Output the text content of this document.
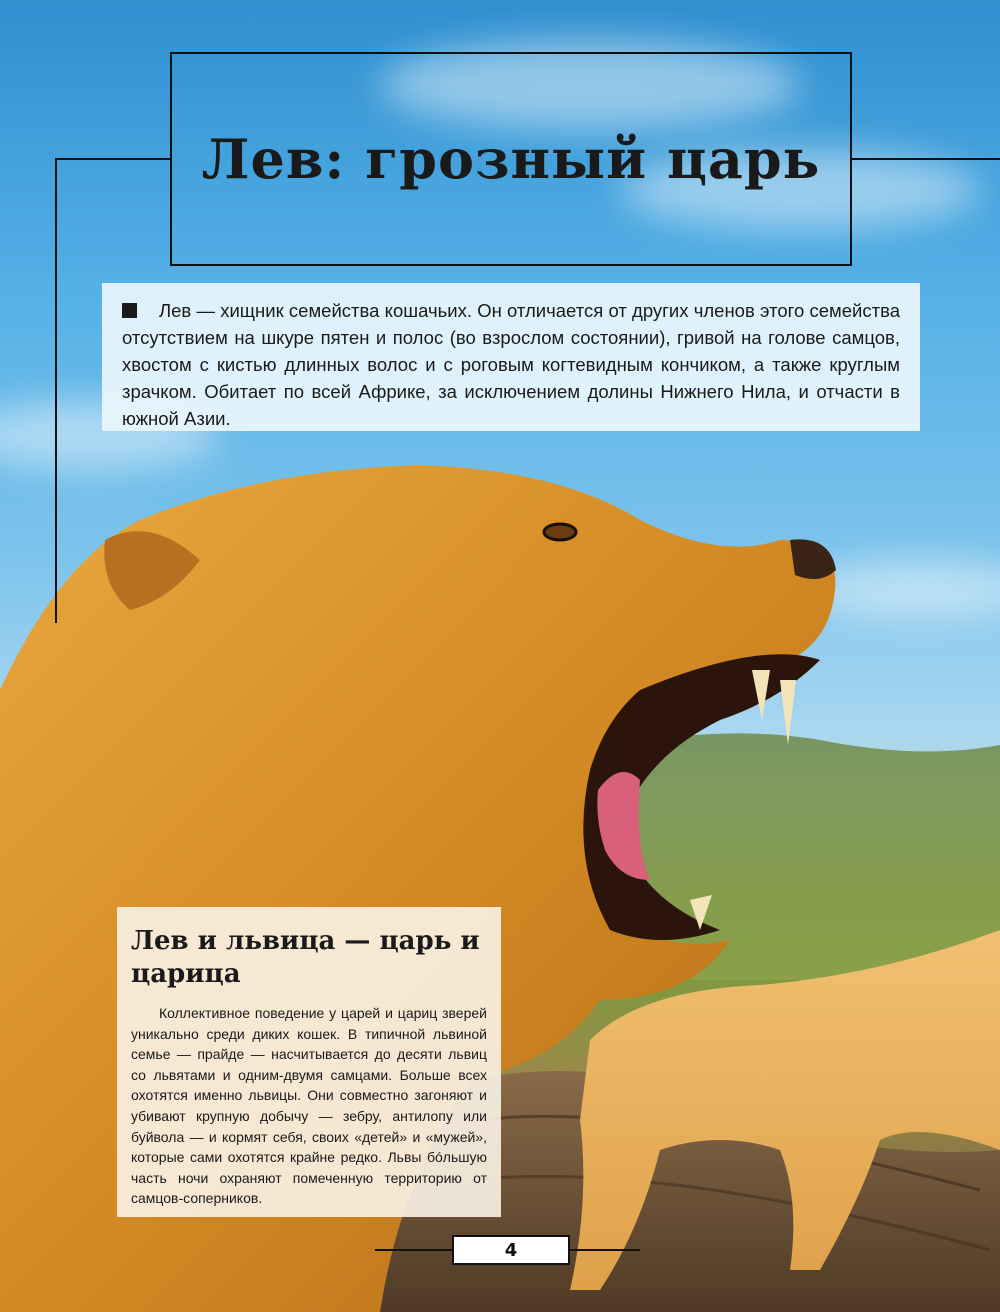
Лев: грозный царь

Лев — хищник семейства кошачьих. Он отличается от других членов этого семейства отсутствием на шкуре пятен и полос (во взрослом состоянии), гривой на голове самцов, хвостом с кистью длинных волос и с роговым когтевидным кончиком, а также круглым зрачком. Обитает по всей Африке, за исключением долины Нижнего Нила, и отчасти в южной Азии.

Лев и львица — царь и царица

Коллективное поведение у царей и цариц зверей уникально среди диких кошек. В типичной львиной семье — прайде — насчитывается до десяти львиц со львятами и одним-двумя самцами. Больше всех охотятся именно львицы. Они совместно загоняют и убивают крупную добычу — зебру, антилопу или буйвола — и кормят себя, своих «детей» и «мужей», которые сами охотятся крайне редко. Львы бóльшую часть ночи охраняют помеченную территорию от самцов-соперников.

4
